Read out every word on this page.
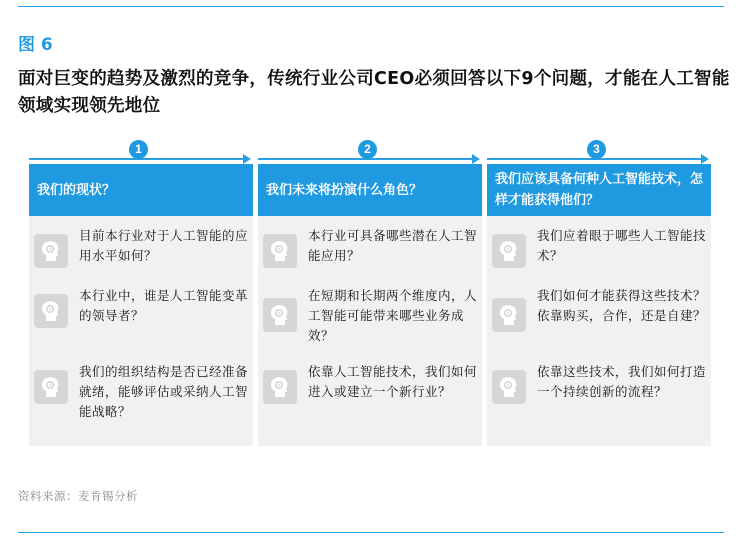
图 6
面对巨变的趋势及激烈的竞争，传统行业公司CEO必须回答以下9个问题，才能在人工智能领域实现领先地位
1
我们的现状？
目前本行业对于人工智能的应用水平如何？
本行业中，谁是人工智能变革的领导者？
我们的组织结构是否已经准备就绪，能够评估或采纳人工智能战略？
2
我们未来将扮演什么角色？
本行业可具备哪些潜在人工智能应用？
在短期和长期两个维度内，人工智能可能带来哪些业务成效？
依靠人工智能技术，我们如何进入或建立一个新行业？
3
我们应该具备何种人工智能技术，怎样才能获得他们？
我们应着眼于哪些人工智能技术？
我们如何才能获得这些技术？依靠购买，合作，还是自建？
依靠这些技术，我们如何打造一个持续创新的流程？
资料来源：麦肯锡分析
